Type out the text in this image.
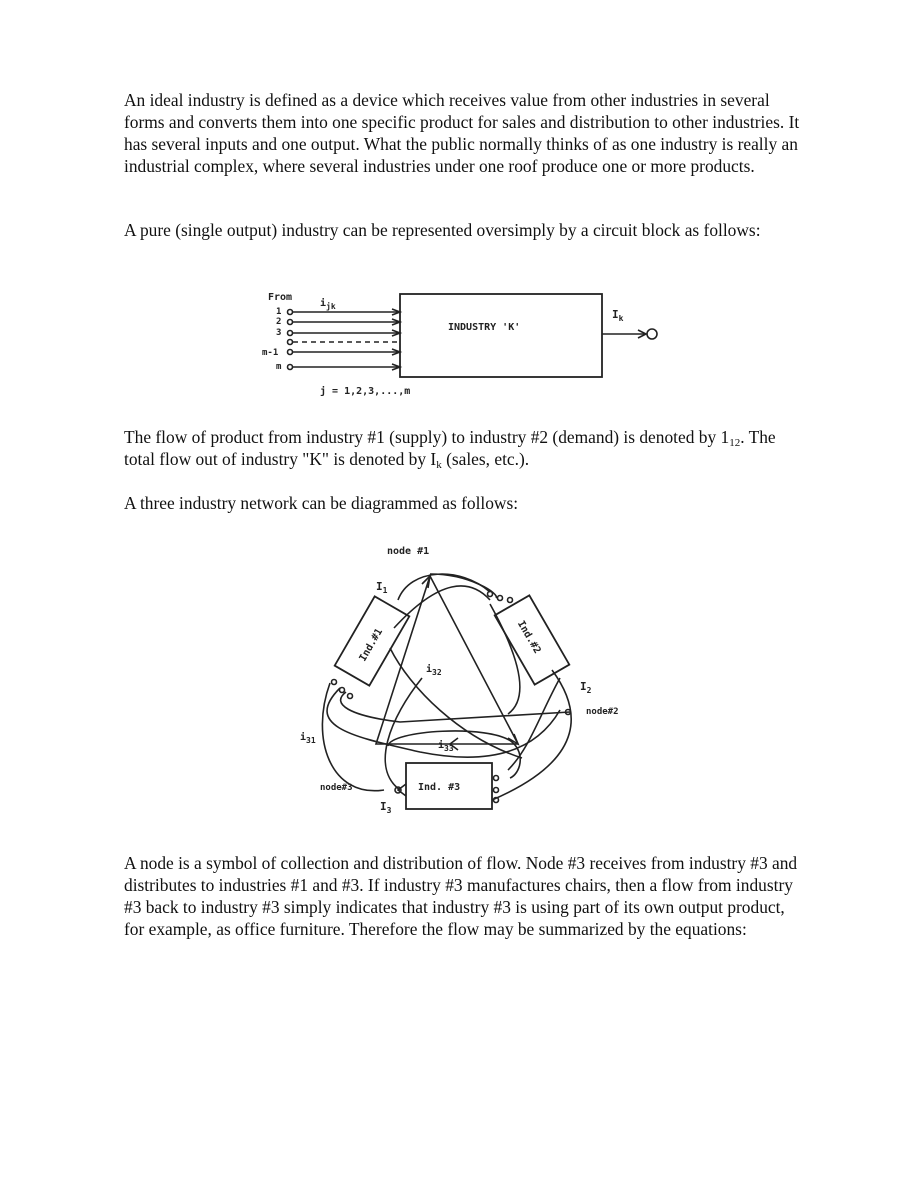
An ideal industry is defined as a device which receives value from other industries in several forms and converts them into one specific product for sales and distribution to other industries. It has several inputs and one output. What the public normally thinks of as one industry is really an industrial complex, where several industries under one roof produce one or more products.

A pure (single output) industry can be represented oversimply by a circuit block as follows:

From
$i_{jk}$
1
2
3
m-1
m
INDUSTRY 'K'
$I_k$
j = 1,2,3,...,m

The flow of product from industry #1 (supply) to industry #2 (demand) is denoted by $1_{12}$. The total flow out of industry "K" is denoted by $I_k$ (sales, etc.).

A three industry network can be diagrammed as follows:

node #1
$I_1$
Ind.#1	Ind.#2
Ind. #3
$i_{32}$
$I_2$
node#2
$i_{31}$	$i_{33}$
node#3
$I_3$

A node is a symbol of collection and distribution of flow. Node #3 receives from industry #3 and distributes to industries #1 and #3. If industry #3 manufactures chairs, then a flow from industry #3 back to industry #3 simply indicates that industry #3 is using part of its own output product, for example, as office furniture. Therefore the flow may be summarized by the equations:
